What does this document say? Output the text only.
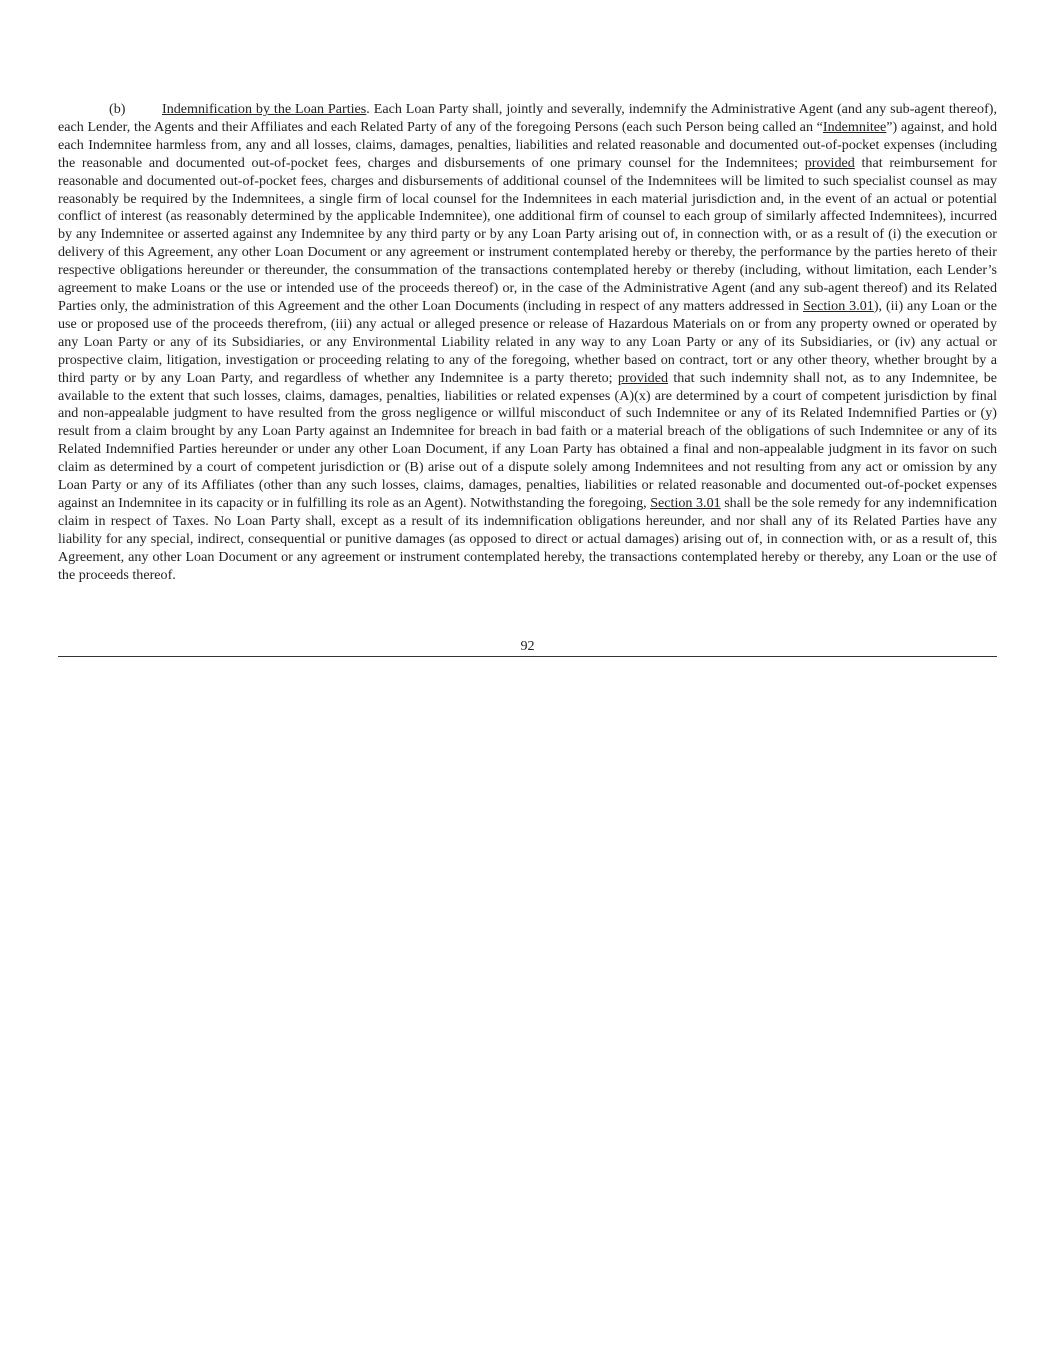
(b)	Indemnification by the Loan Parties. Each Loan Party shall, jointly and severally, indemnify the Administrative Agent (and any sub-agent thereof), each Lender, the Agents and their Affiliates and each Related Party of any of the foregoing Persons (each such Person being called an “Indemnitee”) against, and hold each Indemnitee harmless from, any and all losses, claims, damages, penalties, liabilities and related reasonable and documented out-of-pocket expenses (including the reasonable and documented out-of-pocket fees, charges and disbursements of one primary counsel for the Indemnitees; provided that reimbursement for reasonable and documented out-of-pocket fees, charges and disbursements of additional counsel of the Indemnitees will be limited to such specialist counsel as may reasonably be required by the Indemnitees, a single firm of local counsel for the Indemnitees in each material jurisdiction and, in the event of an actual or potential conflict of interest (as reasonably determined by the applicable Indemnitee), one additional firm of counsel to each group of similarly affected Indemnitees), incurred by any Indemnitee or asserted against any Indemnitee by any third party or by any Loan Party arising out of, in connection with, or as a result of (i) the execution or delivery of this Agreement, any other Loan Document or any agreement or instrument contemplated hereby or thereby, the performance by the parties hereto of their respective obligations hereunder or thereunder, the consummation of the transactions contemplated hereby or thereby (including, without limitation, each Lender’s agreement to make Loans or the use or intended use of the proceeds thereof) or, in the case of the Administrative Agent (and any sub-agent thereof) and its Related Parties only, the administration of this Agreement and the other Loan Documents (including in respect of any matters addressed in Section 3.01), (ii) any Loan or the use or proposed use of the proceeds therefrom, (iii) any actual or alleged presence or release of Hazardous Materials on or from any property owned or operated by any Loan Party or any of its Subsidiaries, or any Environmental Liability related in any way to any Loan Party or any of its Subsidiaries, or (iv) any actual or prospective claim, litigation, investigation or proceeding relating to any of the foregoing, whether based on contract, tort or any other theory, whether brought by a third party or by any Loan Party, and regardless of whether any Indemnitee is a party thereto; provided that such indemnity shall not, as to any Indemnitee, be available to the extent that such losses, claims, damages, penalties, liabilities or related expenses (A)(x) are determined by a court of competent jurisdiction by final and non-appealable judgment to have resulted from the gross negligence or willful misconduct of such Indemnitee or any of its Related Indemnified Parties or (y) result from a claim brought by any Loan Party against an Indemnitee for breach in bad faith or a material breach of the obligations of such Indemnitee or any of its Related Indemnified Parties hereunder or under any other Loan Document, if any Loan Party has obtained a final and non-appealable judgment in its favor on such claim as determined by a court of competent jurisdiction or (B) arise out of a dispute solely among Indemnitees and not resulting from any act or omission by any Loan Party or any of its Affiliates (other than any such losses, claims, damages, penalties, liabilities or related reasonable and documented out-of-pocket expenses against an Indemnitee in its capacity or in fulfilling its role as an Agent). Notwithstanding the foregoing, Section 3.01 shall be the sole remedy for any indemnification claim in respect of Taxes. No Loan Party shall, except as a result of its indemnification obligations hereunder, and nor shall any of its Related Parties have any liability for any special, indirect, consequential or punitive damages (as opposed to direct or actual damages) arising out of, in connection with, or as a result of, this Agreement, any other Loan Document or any agreement or instrument contemplated hereby, the transactions contemplated hereby or thereby, any Loan or the use of the proceeds thereof.

92
